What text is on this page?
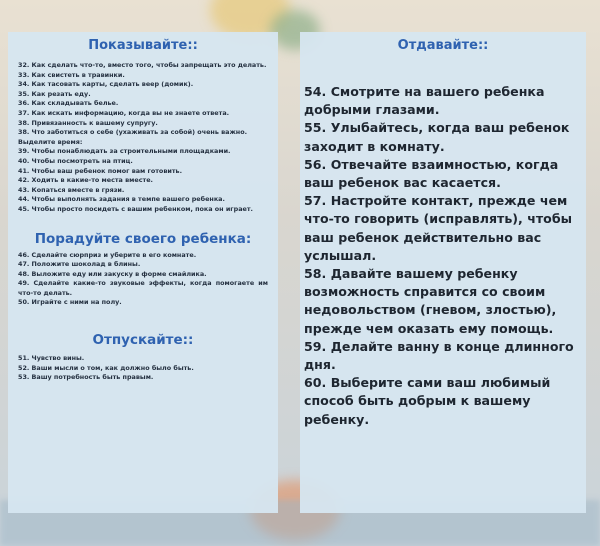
Показывайте::
32. Как сделать что-то, вместо того, чтобы запрещать это делать.
33. Как свистеть в травинки.
34. Как тасовать карты, сделать веер (домик).
35. Как резать еду.
36. Как складывать белье.
37. Как искать информацию, когда вы не знаете ответа.
38. Привязанность к вашему супругу.
38. Что заботиться о себе (ухаживать за собой) очень важно.
Выделите время:
39. Чтобы понаблюдать за строительными площадками.
40. Чтобы посмотреть на птиц.
41. Чтобы ваш ребенок помог вам готовить.
42. Ходить в какие-то места вместе.
43. Копаться вместе в грязи.
44. Чтобы выполнять задания в темпе вашего ребенка.
45. Чтобы просто посидеть с вашим ребенком, пока он играет.
Порадуйте своего ребенка:
46. Сделайте сюрприз и уберите в его комнате.
47. Положите шоколад в блины.
48. Выложите еду или закуску в форме смайлика.
49. Сделайте какие-то звуковые эффекты, когда помогаете им что-то делать.
50. Играйте с ними на полу.
Отпускайте::
51. Чувство вины.
52. Ваши мысли о том, как должно было быть.
53. Вашу потребность быть правым.
Отдавайте::
54. Смотрите на вашего ребенка добрыми глазами.
55. Улыбайтесь, когда ваш ребенок заходит в комнату.
56. Отвечайте взаимностью, когда ваш ребенок вас касается.
57. Настройте контакт, прежде чем что-то говорить (исправлять), чтобы ваш ребенок действительно вас услышал.
58. Давайте вашему ребенку возможность справится со своим недовольством (гневом, злостью), прежде чем оказать ему помощь.
59. Делайте ванну в конце длинного дня.
60. Выберите сами ваш любимый способ быть добрым к вашему ребенку.
